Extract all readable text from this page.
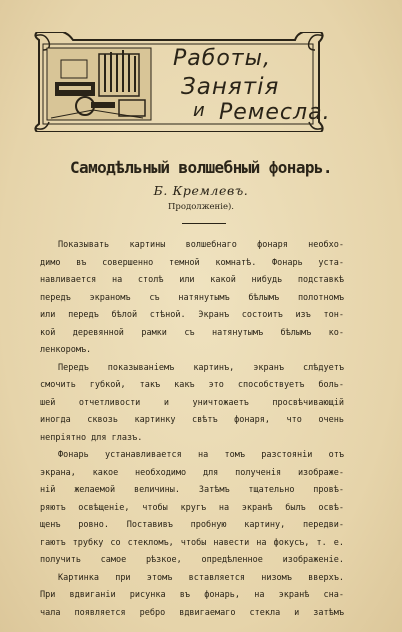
Работы,
Занятія
и Ремесла.
Самодѣльный волшебный фонарь.
Б. Кремлевъ.
Продолженіе).
Показывать картины волшебнаго фонаря необхо-
димо въ совершенно темной комнатѣ. Фонарь уста-
навливается на столѣ или какой нибудь подставкѣ
передъ экраномъ съ натянутымъ бѣлымъ полотномъ
или передъ бѣлой стѣной. Экранъ состоитъ изъ тон-
кой деревянной рамки съ натянутымъ бѣлымъ ко-
ленкоромъ.
Передъ показываніемъ картинъ, экранъ слѣдуетъ
смочить губкой, такъ какъ это способствуетъ боль-
шей отчетливости и уничтожаетъ просвѣчивающій
иногда сквозь картинку свѣтъ фонаря, что очень
непріятно для глазъ.
Фонарь устанавливается на томъ разстояніи отъ
экрана, какое необходимо для полученія изображе-
ній желаемой величины. Затѣмъ тщательно провѣ-
ряютъ освѣщеніе, чтобы кругъ на экранѣ былъ освѣ-
щенъ ровно. Поставивъ пробную картину, передви-
гаютъ трубку со стекломъ, чтобы навести на фокусъ, т. е.
получить самое рѣзкое, опредѣленное изображеніе.
Картинка при этомъ вставляется низомъ вверхъ.
При вдвиганіи рисунка въ фонарь, на экранѣ сна-
чала появляется ребро вдвигаемаго стекла и затѣмъ
